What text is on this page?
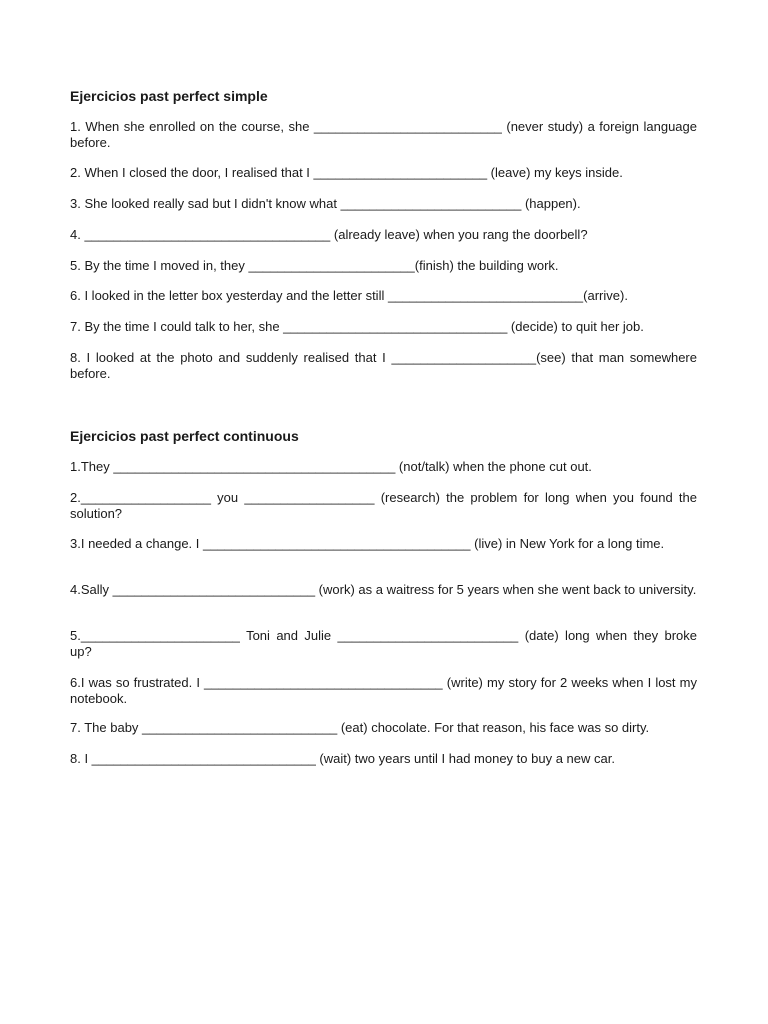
Ejercicios past perfect simple

1. When she enrolled on the course, she __________________________ (never study) a foreign language before.

2. When I closed the door, I realised that I ________________________ (leave) my keys inside.

3. She looked really sad but I didn't know what _________________________ (happen).

4. __________________________________ (already leave) when you rang the doorbell?

5. By the time I moved in, they _______________________(finish) the building work.

6. I looked in the letter box yesterday and the letter still ___________________________(arrive).

7. By the time I could talk to her, she _______________________________ (decide) to quit her job.

8. I looked at the photo and suddenly realised that I ____________________(see) that man somewhere before.

Ejercicios past perfect continuous

1.They _______________________________________ (not/talk) when the phone cut out.

2.__________________ you __________________ (research) the problem for long when you found the solution?

3.I needed a change. I _____________________________________ (live) in New York for a long time.

4.Sally ____________________________ (work) as a waitress for 5 years when she went back to university.

5.______________________ Toni and Julie _________________________ (date) long when they broke up?

6.I was so frustrated. I _________________________________ (write) my story for 2 weeks when I lost my notebook.

7. The baby ___________________________ (eat) chocolate. For that reason, his face was so dirty.

8. I _______________________________ (wait) two years until I had money to buy a new car.
